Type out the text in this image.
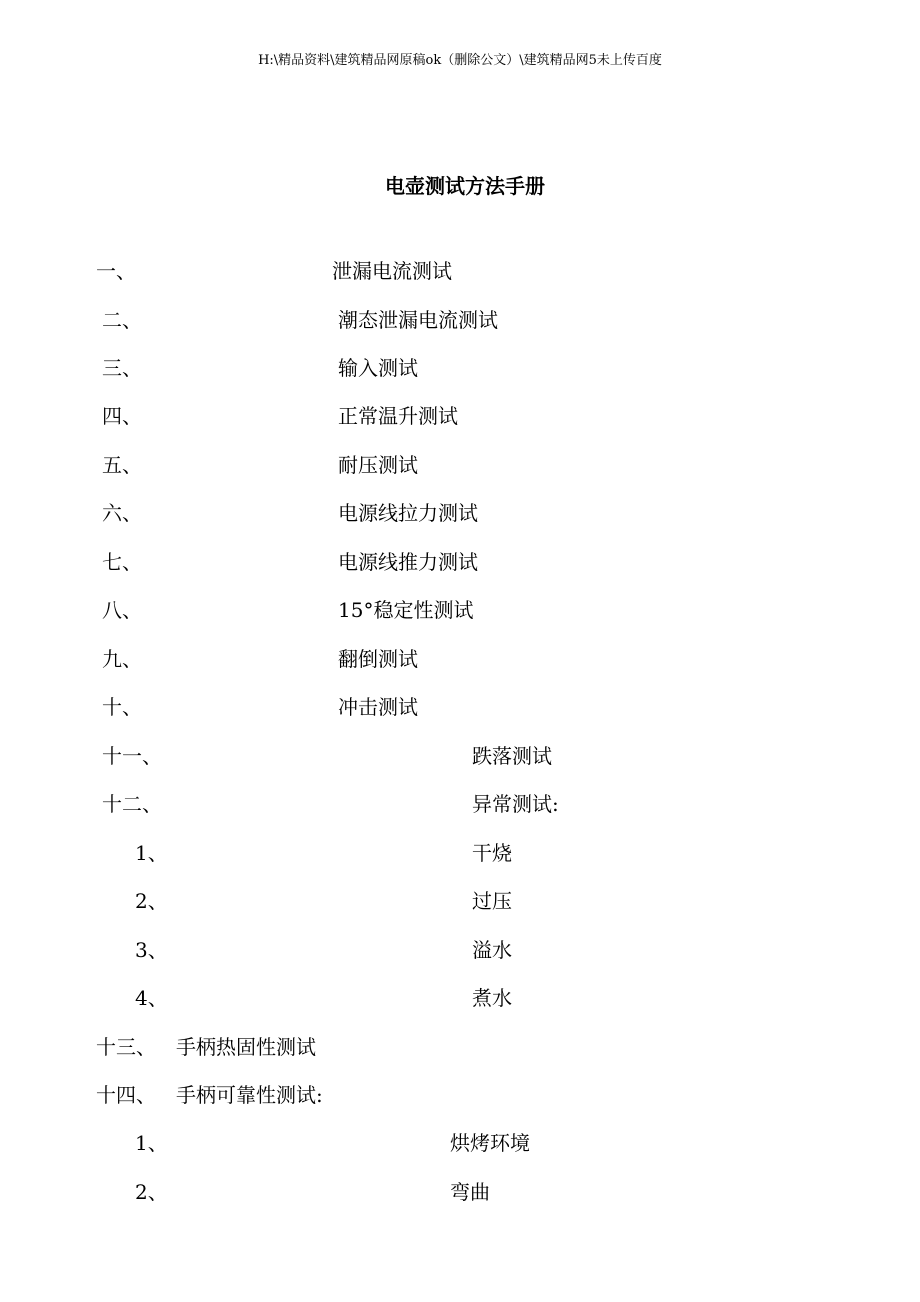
H:\精品资料\建筑精品网原稿ok（删除公文）\建筑精品网5未上传百度
电壶测试方法手册
一、	泄漏电流测试
二、	潮态泄漏电流测试
三、	输入测试
四、	正常温升测试
五、	耐压测试
六、	电源线拉力测试
七、	电源线推力测试
八、	15°稳定性测试
九、	翻倒测试
十、	冲击测试
十一、	跌落测试
十二、	异常测试:
1、	干烧
2、	过压
3、	溢水
4、	煮水
十三、 手柄热固性测试
十四、 手柄可靠性测试:
1、	烘烤环境
2、	弯曲
